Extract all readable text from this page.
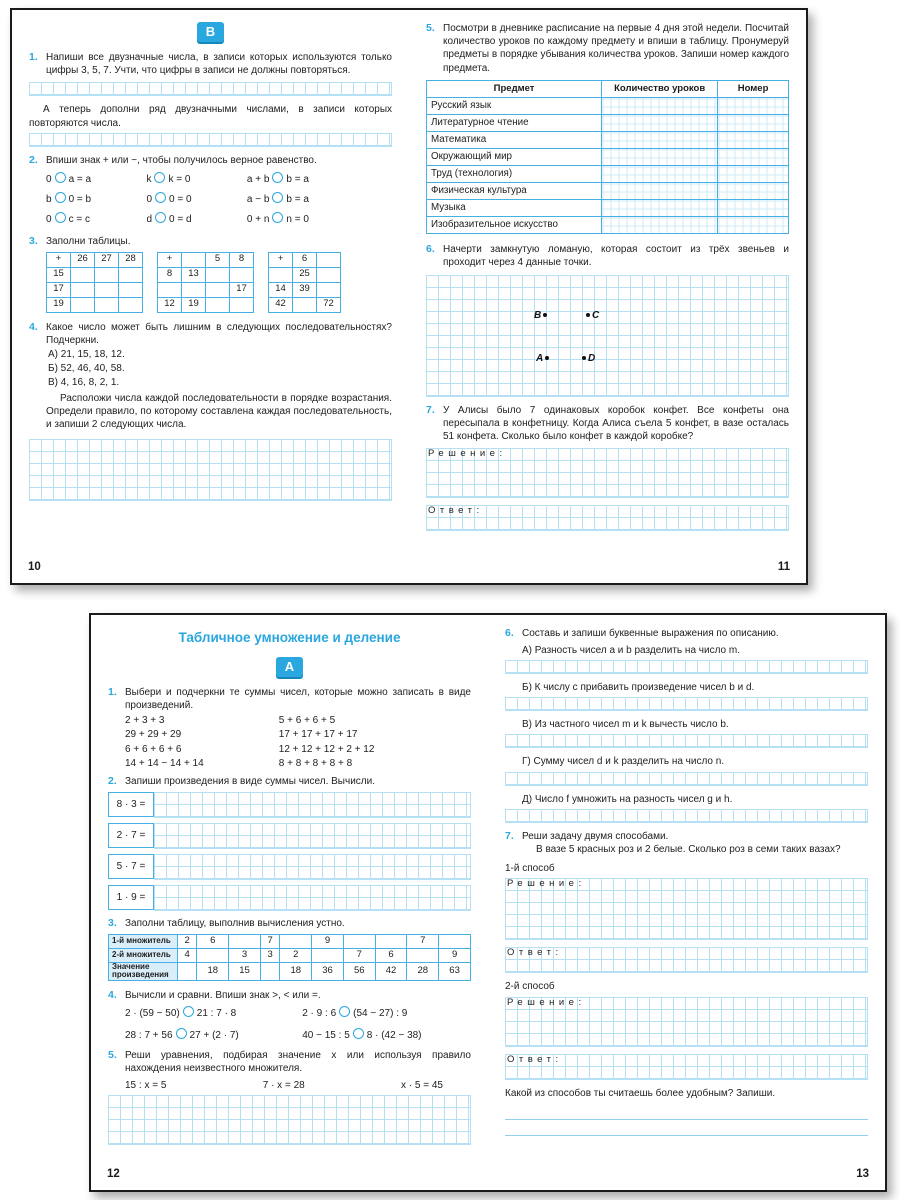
В
1. Напиши все двузначные числа, в записи которых используются только цифры 3, 5, 7. Учти, что цифры в записи не должны повторяться.
А теперь дополни ряд двузначными числами, в записи которых повторяются числа.
2. Впиши знак + или −, чтобы получилось верное равенство.
0 a = a	k k = 0	a + b b = a
b 0 = b	0 0 = 0	a − b b = a
0 c = c	d 0 = d	0 + n n = 0
3. Заполни таблицы.
+	26	27	28
15			
17			
19			
+		5	8
8	13		
			17
12	19		
+	6	
	25	
14	39	
42		72
4. Какое число может быть лишним в следующих последовательностях? Подчеркни.
А) 21, 15, 18, 12.
Б) 52, 46, 40, 58.
В) 4, 16, 8, 2, 1.
Расположи числа каждой последовательности в порядке возрастания. Определи правило, по которому составлена каждая последовательность, и запиши 2 следующих числа.
10
5. Посмотри в дневнике расписание на первые 4 дня этой недели. Посчитай количество уроков по каждому предмету и впиши в таблицу. Пронумеруй предметы в порядке убывания количества уроков. Запиши номер каждого предмета.
Предмет	Количество уроков	Номер
Русский язык		
Литературное чтение		
Математика		
Окружающий мир		
Труд (технология)		
Физическая культура		
Музыка		
Изобразительное искусство		
6. Начерти замкнутую ломаную, которая состоит из трёх звеньев и проходит через 4 данные точки.
B	C
A	D
7. У Алисы было 7 одинаковых коробок конфет. Все конфеты она пересыпала в конфетницу. Когда Алиса съела 5 конфет, в вазе осталась 51 конфета. Сколько было конфет в каждой коробке?
Решение:
Ответ:
11
Табличное умножение и деление
А
1. Выбери и подчеркни те суммы чисел, которые можно записать в виде произведений.
2 + 3 + 3	5 + 6 + 6 + 5
29 + 29 + 29	17 + 17 + 17 + 17
6 + 6 + 6 + 6	12 + 12 + 12 + 2 + 12
14 + 14 − 14 + 14	8 + 8 + 8 + 8 + 8
2. Запиши произведения в виде суммы чисел. Вычисли.
8 · 3 =
2 · 7 =
5 · 7 =
1 · 9 =
3. Заполни таблицу, выполнив вычисления устно.
1-й множитель	2	6		7		9			7	
2-й множитель	4		3	3	2		7	6		9
Значение произведения		18	15		18	36	56	42	28	63
4. Вычисли и сравни. Впиши знак >, < или =.
2 · (59 − 50) 21 : 7 · 8	2 · 9 : 6 (54 − 27) : 9
28 : 7 + 56 27 + (2 · 7)	40 − 15 : 5 8 · (42 − 38)
5. Реши уравнения, подбирая значение x или используя правило нахождения неизвестного множителя.
15 : x = 5	7 · x = 28	x · 5 = 45
12
6. Составь и запиши буквенные выражения по описанию.
А) Разность чисел a и b разделить на число m.
Б) К числу c прибавить произведение чисел b и d.
В) Из частного чисел m и k вычесть число b.
Г) Сумму чисел d и k разделить на число n.
Д) Число f умножить на разность чисел g и h.
7. Реши задачу двумя способами.
В вазе 5 красных роз и 2 белые. Сколько роз в семи таких вазах?
1-й способ
Решение:
Ответ:
2-й способ
Решение:
Ответ:
Какой из способов ты считаешь более удобным? Запиши.
13
